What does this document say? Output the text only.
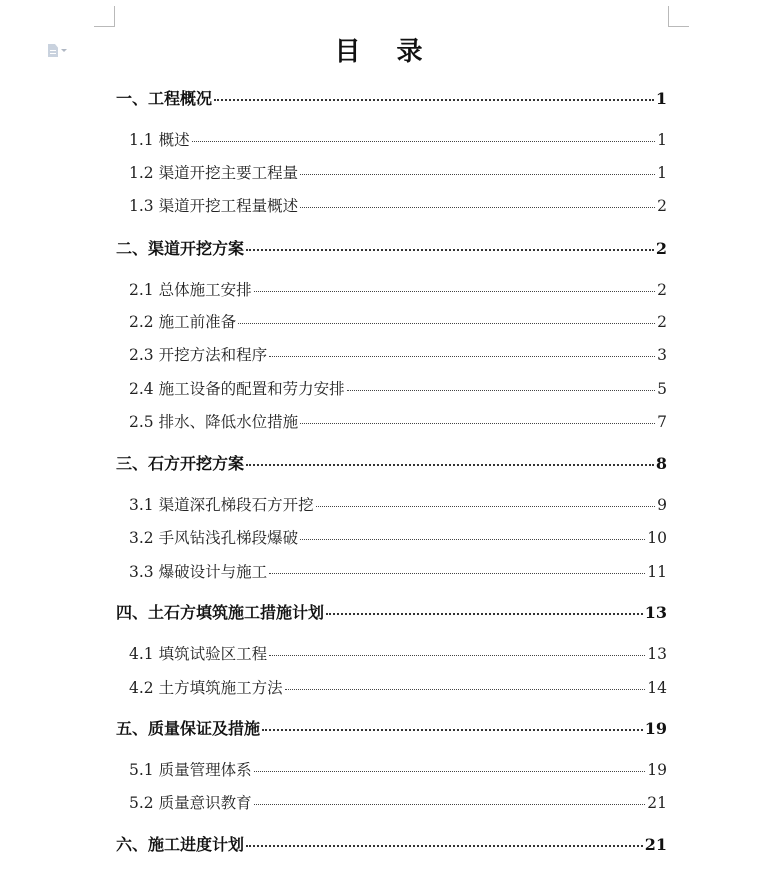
目 录
一、工程概况	1
1.1 概述	1
1.2 渠道开挖主要工程量	1
1.3 渠道开挖工程量概述	2
二、渠道开挖方案	2
2.1 总体施工安排	2
2.2 施工前准备	2
2.3 开挖方法和程序	3
2.4 施工设备的配置和劳力安排	5
2.5 排水、降低水位措施	7
三、石方开挖方案	8
3.1 渠道深孔梯段石方开挖	9
3.2 手风钻浅孔梯段爆破	10
3.3 爆破设计与施工	11
四、土石方填筑施工措施计划	13
4.1 填筑试验区工程	13
4.2 土方填筑施工方法	14
五、质量保证及措施	19
5.1 质量管理体系	19
5.2 质量意识教育	21
六、施工进度计划	21
